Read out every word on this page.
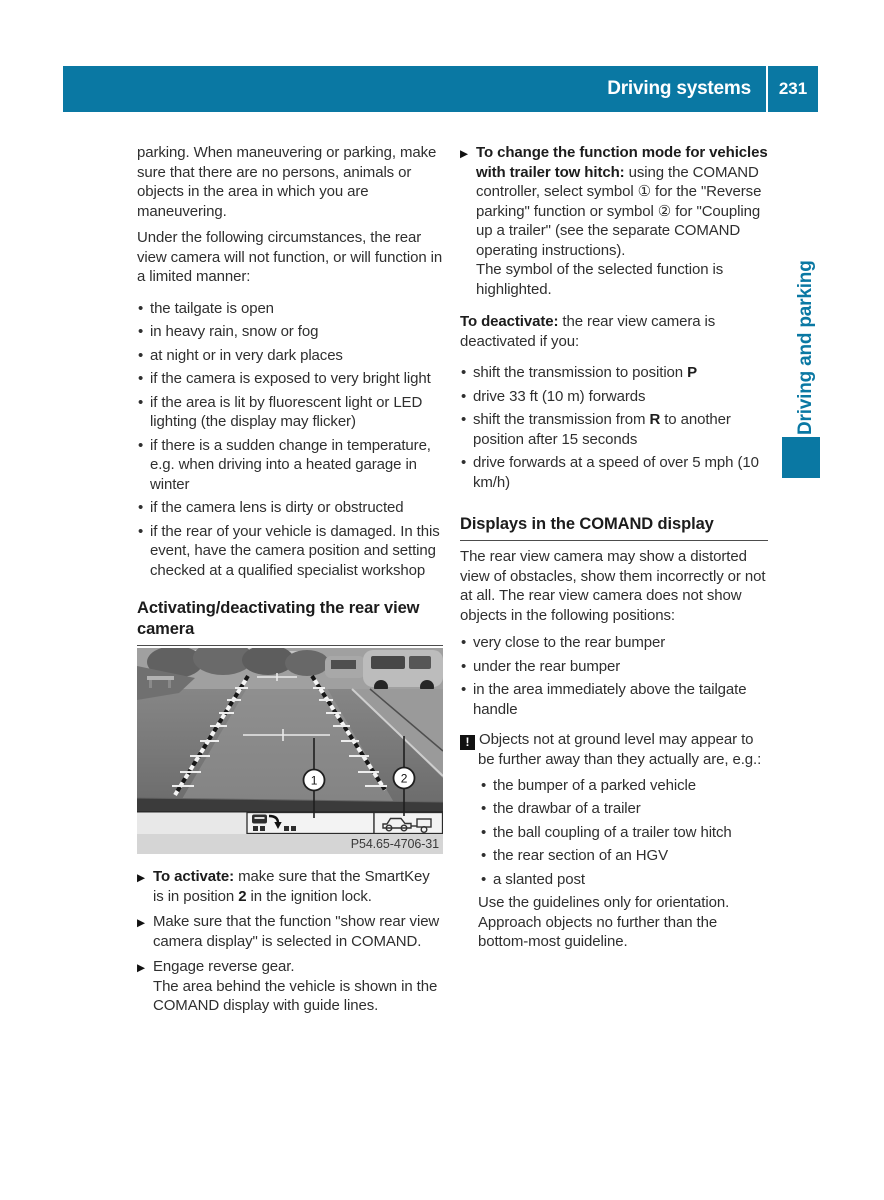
Driving systems	231
Driving and parking

parking. When maneuvering or parking, make sure that there are no persons, animals or objects in the area in which you are maneuvering.

Under the following circumstances, the rear view camera will not function, or will function in a limited manner:

• the tailgate is open
• in heavy rain, snow or fog
• at night or in very dark places
• if the camera is exposed to very bright light
• if the area is lit by fluorescent light or LED lighting (the display may flicker)
• if there is a sudden change in temperature, e.g. when driving into a heated garage in winter
• if the camera lens is dirty or obstructed
• if the rear of your vehicle is damaged. In this event, have the camera position and setting checked at a qualified specialist workshop
Activating/deactivating the rear view camera
1	2
P54.65-4706-31
▶ To activate: make sure that the SmartKey is in position 2 in the ignition lock.
▶ Make sure that the function "show rear view camera display" is selected in COMAND.
▶ Engage reverse gear.
The area behind the vehicle is shown in the COMAND display with guide lines.
▶ To change the function mode for vehicles with trailer tow hitch: using the COMAND controller, select symbol ① for the "Reverse parking" function or symbol ② for "Coupling up a trailer" (see the separate COMAND operating instructions).
The symbol of the selected function is highlighted.

To deactivate: the rear view camera is deactivated if you:

• shift the transmission to position P
• drive 33 ft (10 m) forwards
• shift the transmission from R to another position after 15 seconds
• drive forwards at a speed of over 5 mph (10 km/h)
Displays in the COMAND display

The rear view camera may show a distorted view of obstacles, show them incorrectly or not at all. The rear view camera does not show objects in the following positions:

• very close to the rear bumper
• under the rear bumper
• in the area immediately above the tailgate handle

! Objects not at ground level may appear to be further away than they actually are, e.g.:

• the bumper of a parked vehicle
• the drawbar of a trailer
• the ball coupling of a trailer tow hitch
• the rear section of an HGV
• a slanted post

Use the guidelines only for orientation. Approach objects no further than the bottom-most guideline.
